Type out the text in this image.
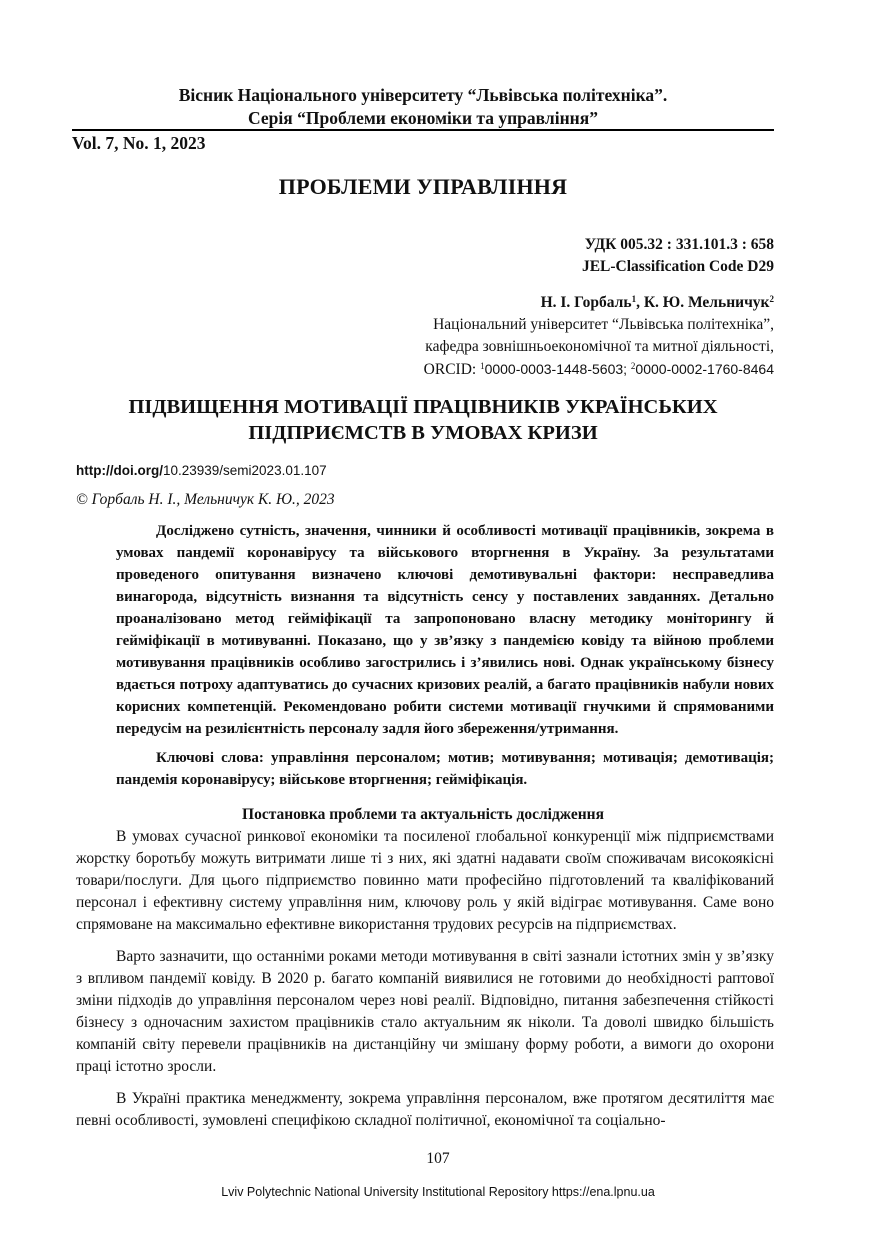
Вісник Національного університету “Львівська політехніка”.
Серія “Проблеми економіки та управління”
Vol. 7, No. 1, 2023
ПРОБЛЕМИ УПРАВЛІННЯ
УДК 005.32 : 331.101.3 : 658
JEL-Classification Code D29
Н. І. Горбаль$^1$, К. Ю. Мельничук$^2$
Національний університет “Львівська політехніка”,
кафедра зовнішньоекономічної та митної діяльності,
ORCID: $^1$0000-0003-1448-5603; $^2$0000-0002-1760-8464
ПІДВИЩЕННЯ МОТИВАЦІЇ ПРАЦІВНИКІВ УКРАЇНСЬКИХ
ПІДПРИЄМСТВ В УМОВАХ КРИЗИ
http://doi.org/10.23939/semi2023.01.107
© Горбаль Н. І., Мельничук К. Ю., 2023

Досліджено сутність, значення, чинники й особливості мотивації працівників, зокрема в умовах пандемії коронавірусу та військового вторгнення в Україну. За результатами проведеного опитування визначено ключові демотивувальні фактори: несправедлива винагорода, відсутність визнання та відсутність сенсу у поставлених завданнях. Детально проаналізовано метод гейміфікації та запропоновано власну методику моніторингу й гейміфікації в мотивуванні. Показано, що у зв’язку з пандемією ковіду та війною проблеми мотивування працівників особливо загострились і з’явились нові. Однак українському бізнесу вдається потроху адаптуватись до сучасних кризових реалій, а багато працівників набули нових корисних компетенцій. Рекомендовано робити системи мотивації гнучкими й спрямованими передусім на резилієнтність персоналу задля його збереження/утримання.

Ключові слова: управління персоналом; мотив; мотивування; мотивація; демотивація; пандемія коронавірусу; військове вторгнення; гейміфікація.
Постановка проблеми та актуальність дослідження

В умовах сучасної ринкової економіки та посиленої глобальної конкуренції між підприємствами жорстку боротьбу можуть витримати лише ті з них, які здатні надавати своїм споживачам високоякісні товари/послуги. Для цього підприємство повинно мати професійно підготовлений та кваліфікований персонал і ефективну систему управління ним, ключову роль у якій відіграє мотивування. Саме воно спрямоване на максимально ефективне використання трудових ресурсів на підприємствах.

Варто зазначити, що останніми роками методи мотивування в світі зазнали істотних змін у зв’язку з впливом пандемії ковіду. В 2020 р. багато компаній виявилися не готовими до необхідності раптової зміни підходів до управління персоналом через нові реалії. Відповідно, питання забезпечення стійкості бізнесу з одночасним захистом працівників стало актуальним як ніколи. Та доволі швидко більшість компаній світу перевели працівників на дистанційну чи змішану форму роботи, а вимоги до охорони праці істотно зросли.

В Україні практика менеджменту, зокрема управління персоналом, вже протягом десятиліття має певні особливості, зумовлені специфікою складної політичної, економічної та соціально-

107
Lviv Polytechnic National University Institutional Repository https://ena.lpnu.ua
